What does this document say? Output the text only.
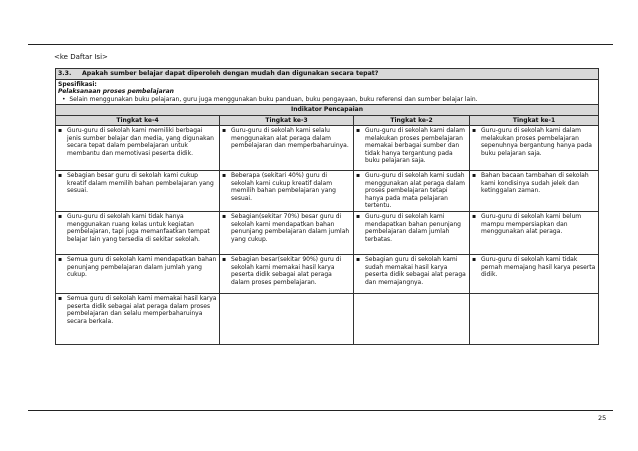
<ke Daftar Isi>
3.3. Apakah sumber belajar dapat diperoleh dengan mudah dan digunakan secara tepat?			

Spesifikasi:
Pelaksanaan proses pembelajaran
• Selain menggunakan buku pelajaran, guru juga menggunakan buku panduan, buku pengayaan, buku referensi dan sumber belajar lain.			

Indikator Pencapaian			
Tingkat ke-4	Tingkat ke-3	Tingkat ke-2	Tingkat ke-1

▪ Guru-guru di sekolah kami memiliki berbagai jenis sumber belajar dan media, yang digunakan secara tepat dalam pembelajaran untuk membantu dan memotivasi peserta didik.	▪ Guru-guru di sekolah kami selalu menggunakan alat peraga dalam pembelajaran dan memperbaharuinya.	▪ Guru-guru di sekolah kami dalam melakukan proses pembelajaran memakai berbagai sumber dan tidak hanya tergantung pada buku pelajaran saja.	▪ Guru-guru di sekolah kami dalam melakukan proses pembelajaran sepenuhnya bergantung hanya pada buku pelajaran saja.

▪ Sebagian besar guru di sekolah kami cukup kreatif dalam memilih bahan pembelajaran yang sesuai.	▪ Beberapa (sekitari 40%) guru di sekolah kami cukup kreatif dalam memilih bahan pembelajaran yang sesuai.	▪ Guru-guru di sekolah kami sudah menggunakan alat peraga dalam proses pembelajaran tetapi hanya pada mata pelajaran tertentu.	▪ Bahan bacaan tambahan di sekolah kami kondisinya sudah jelek dan ketinggalan zaman.

▪ Guru-guru di sekolah kami tidak hanya menggunakan ruang kelas untuk kegiatan pembelajaran, tapi juga memanfaatkan tempat belajar lain yang tersedia di sekitar sekolah.	▪ Sebagian(sekitar 70%) besar guru di sekolah kami mendapatkan bahan penunjang pembelajaran dalam jumlah yang cukup.	▪ Guru-guru di sekolah kami mendapatkan bahan penunjang pembelajaran dalam jumlah terbatas.	▪ Guru-guru di sekolah kami belum mampu mempersiapkan dan menggunakan alat peraga.

▪ Semua guru di sekolah kami mendapatkan bahan penunjang pembelajaran dalam jumlah yang cukup.	▪ Sebagian besar(sekitar 90%) guru di sekolah kami memakai hasil karya peserta didik sebagai alat peraga dalam proses pembelajaran.	▪ Sebagian guru di sekolah kami sudah memakai hasil karya peserta didik sebagai alat peraga dan memajangnya.	▪ Guru-guru di sekolah kami tidak pernah memajang hasil karya peserta didik.

▪ Semua guru di sekolah kami memakai hasil karya peserta didik sebagai alat peraga dalam proses pembelajaran dan selalu memperbaharuinya secara berkala.			

25
